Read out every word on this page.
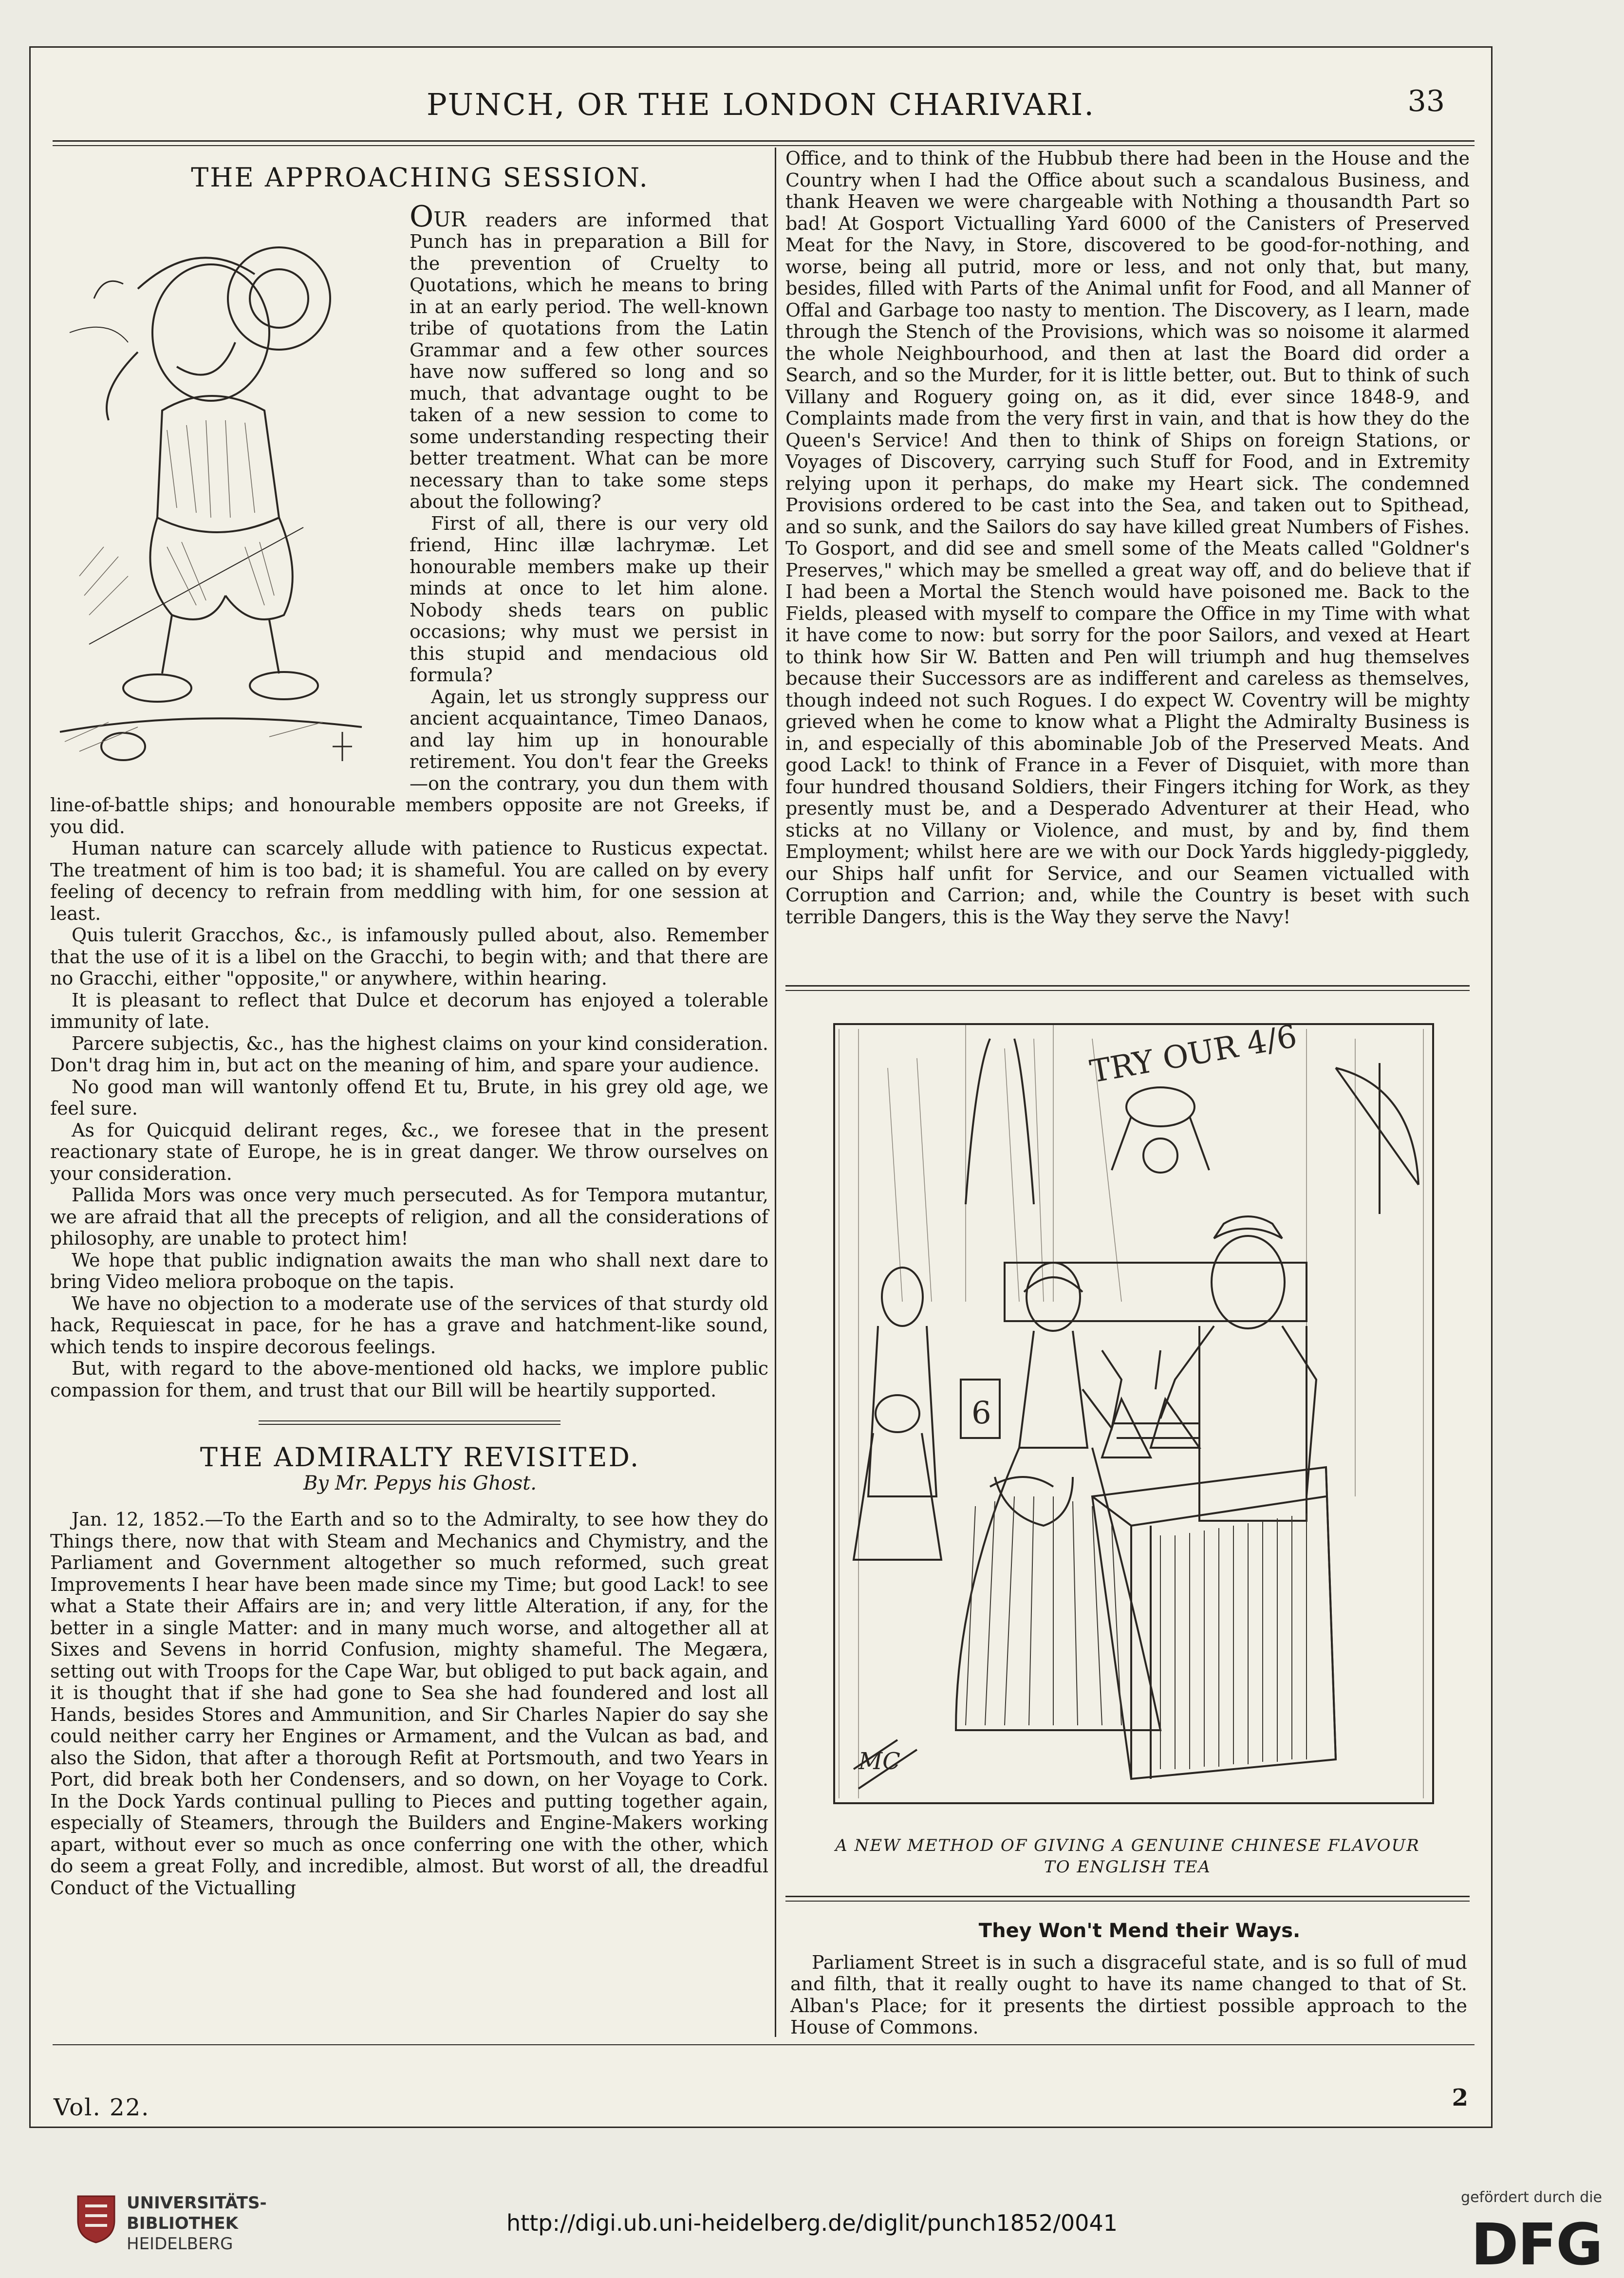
PUNCH, OR THE LONDON CHARIVARI.	33

THE APPROACHING SESSION.

Our readers are informed that Punch has in preparation a Bill for the prevention of Cruelty to Quotations, which he means to bring in at an early period. The well-known tribe of quotations from the Latin Grammar and a few other sources have now suffered so long and so much, that advantage ought to be taken of a new session to come to some understanding respecting their better treatment. What can be more necessary than to take some steps about the following?

First of all, there is our very old friend, Hinc illæ lachrymæ. Let honourable members make up their minds at once to let him alone. Nobody sheds tears on public occasions; why must we persist in this stupid and mendacious old formula?

Again, let us strongly suppress our ancient acquaintance, Timeo Danaos, and lay him up in honourable retirement. You don't fear the Greeks—on the contrary, you dun them with line-of-battle ships; and honourable members opposite are not Greeks, if you did.

Human nature can scarcely allude with patience to Rusticus expectat. The treatment of him is too bad; it is shameful. You are called on by every feeling of decency to refrain from meddling with him, for one session at least.

Quis tulerit Gracchos, &c., is infamously pulled about, also. Remember that the use of it is a libel on the Gracchi, to begin with; and that there are no Gracchi, either "opposite," or anywhere, within hearing.

It is pleasant to reflect that Dulce et decorum has enjoyed a tolerable immunity of late.

Parcere subjectis, &c., has the highest claims on your kind consideration. Don't drag him in, but act on the meaning of him, and spare your audience.

No good man will wantonly offend Et tu, Brute, in his grey old age, we feel sure.

As for Quicquid delirant reges, &c., we foresee that in the present reactionary state of Europe, he is in great danger. We throw ourselves on your consideration.

Pallida Mors was once very much persecuted. As for Tempora mutantur, we are afraid that all the precepts of religion, and all the considerations of philosophy, are unable to protect him!

We hope that public indignation awaits the man who shall next dare to bring Video meliora proboque on the tapis.

We have no objection to a moderate use of the services of that sturdy old hack, Requiescat in pace, for he has a grave and hatchment-like sound, which tends to inspire decorous feelings.

But, with regard to the above-mentioned old hacks, we implore public compassion for them, and trust that our Bill will be heartily supported.

THE ADMIRALTY REVISITED.

By Mr. Pepys his Ghost.

Jan. 12, 1852.—To the Earth and so to the Admiralty, to see how they do Things there, now that with Steam and Mechanics and Chymistry, and the Parliament and Government altogether so much reformed, such great Improvements I hear have been made since my Time; but good Lack! to see what a State their Affairs are in; and very little Alteration, if any, for the better in a single Matter: and in many much worse, and altogether all at Sixes and Sevens in horrid Confusion, mighty shameful. The Megæra, setting out with Troops for the Cape War, but obliged to put back again, and it is thought that if she had gone to Sea she had foundered and lost all Hands, besides Stores and Ammunition, and Sir Charles Napier do say she could neither carry her Engines or Armament, and the Vulcan as bad, and also the Sidon, that after a thorough Refit at Portsmouth, and two Years in Port, did break both her Condensers, and so down, on her Voyage to Cork. In the Dock Yards continual pulling to Pieces and putting together again, especially of Steamers, through the Builders and Engine-Makers working apart, without ever so much as once conferring one with the other, which do seem a great Folly, and incredible, almost. But worst of all, the dreadful Conduct of the Victualling

Office, and to think of the Hubbub there had been in the House and the Country when I had the Office about such a scandalous Business, and thank Heaven we were chargeable with Nothing a thousandth Part so bad! At Gosport Victualling Yard 6000 of the Canisters of Preserved Meat for the Navy, in Store, discovered to be good-for-nothing, and worse, being all putrid, more or less, and not only that, but many, besides, filled with Parts of the Animal unfit for Food, and all Manner of Offal and Garbage too nasty to mention. The Discovery, as I learn, made through the Stench of the Provisions, which was so noisome it alarmed the whole Neighbourhood, and then at last the Board did order a Search, and so the Murder, for it is little better, out. But to think of such Villany and Roguery going on, as it did, ever since 1848-9, and Complaints made from the very first in vain, and that is how they do the Queen's Service! And then to think of Ships on foreign Stations, or Voyages of Discovery, carrying such Stuff for Food, and in Extremity relying upon it perhaps, do make my Heart sick. The condemned Provisions ordered to be cast into the Sea, and taken out to Spithead, and so sunk, and the Sailors do say have killed great Numbers of Fishes. To Gosport, and did see and smell some of the Meats called "Goldner's Preserves," which may be smelled a great way off, and do believe that if I had been a Mortal the Stench would have poisoned me. Back to the Fields, pleased with myself to compare the Office in my Time with what it have come to now: but sorry for the poor Sailors, and vexed at Heart to think how Sir W. Batten and Pen will triumph and hug themselves because their Successors are as indifferent and careless as themselves, though indeed not such Rogues. I do expect W. Coventry will be mighty grieved when he come to know what a Plight the Admiralty Business is in, and especially of this abominable Job of the Preserved Meats. And good Lack! to think of France in a Fever of Disquiet, with more than four hundred thousand Soldiers, their Fingers itching for Work, as they presently must be, and a Desperado Adventurer at their Head, who sticks at no Villany or Violence, and must, by and by, find them Employment; whilst here are we with our Dock Yards higgledy-piggledy, our Ships half unfit for Service, and our Seamen victualled with Corruption and Carrion; and, while the Country is beset with such terrible Dangers, this is the Way they serve the Navy!

TRY OUR 4/6
6
MC
A NEW METHOD OF GIVING A GENUINE CHINESE FLAVOUR
TO ENGLISH TEA

They Won't Mend their Ways.

Parliament Street is in such a disgraceful state, and is so full of mud and filth, that it really ought to have its name changed to that of St. Alban's Place; for it presents the dirtiest possible approach to the House of Commons.

Vol. 22.	2
UNIVERSITÄTS-
BIBLIOTHEK
HEIDELBERG
http://digi.ub.uni-heidelberg.de/diglit/punch1852/0041
gefördert durch die
DFG
